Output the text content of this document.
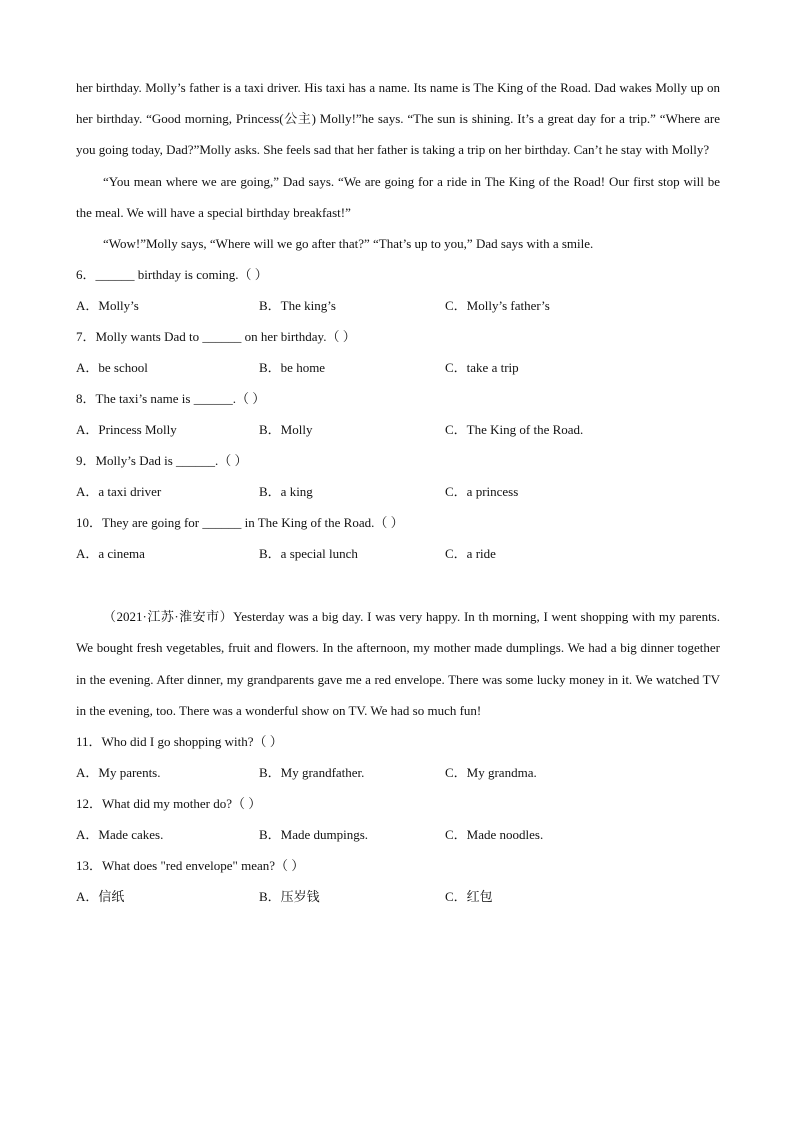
her birthday. Molly’s father is a taxi driver. His taxi has a name. Its name is The King of the Road. Dad wakes Molly up on her birthday. “Good morning, Princess(公主) Molly!”he says. “The sun is shining. It’s a great day for a trip.” “Where are you going today, Dad?”Molly asks. She feels sad that her father is taking a trip on her birthday. Can’t he stay with Molly?

“You mean where we are going,” Dad says. “We are going for a ride in The King of the Road! Our first stop will be the meal. We will have a special birthday breakfast!”

“Wow!”Molly says, “Where will we go after that?” “That’s up to you,” Dad says with a smile.

6．______ birthday is coming.（ ）
A．Molly’s	B．The king’s	C．Molly’s father’s
7．Molly wants Dad to ______ on her birthday.（ ）
A．be school	B．be home	C．take a trip
8．The taxi’s name is ______.（ ）
A．Princess Molly	B．Molly	C．The King of the Road.
9．Molly’s Dad is ______.（ ）
A．a taxi driver	B．a king	C．a princess
10．They are going for ______ in The King of the Road.（ ）
A．a cinema	B．a special lunch	C．a ride

（2021·江苏·淮安市）Yesterday was a big day. I was very happy. In th morning, I went shopping with my parents. We bought fresh vegetables, fruit and flowers. In the afternoon, my mother made dumplings. We had a big dinner together in the evening. After dinner, my grandparents gave me a red envelope. There was some lucky money in it. We watched TV in the evening, too. There was a wonderful show on TV. We had so much fun!

11．Who did I go shopping with?（ ）
A．My parents.	B．My grandfather.	C．My grandma.
12．What did my mother do?（ ）
A．Made cakes.	B．Made dumpings.	C．Made noodles.
13．What does "red envelope" mean?（ ）
A．信纸	B．压岁钱	C．红包
